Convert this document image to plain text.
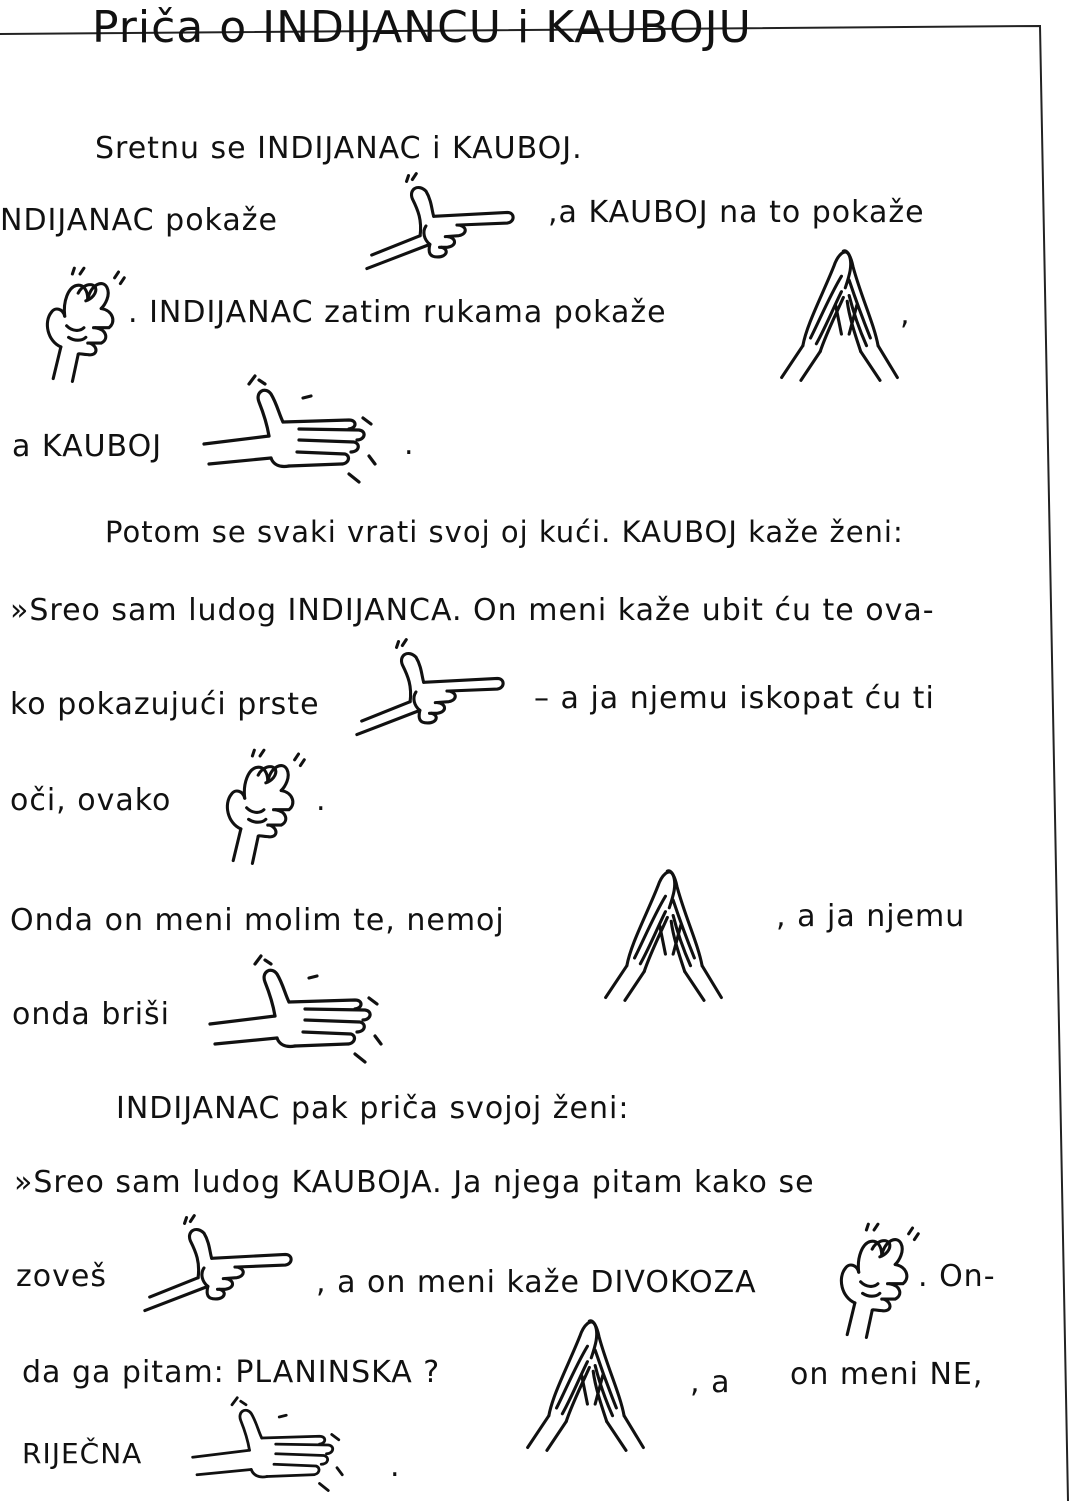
Priča o INDIJANCU i KAUBOJU
Sretnu se INDIJANAC i KAUBOJ.
NDIJANAC pokaže	,a KAUBOJ na to pokaže
. INDIJANAC zatim rukama pokaže	,
a KAUBOJ	.
Potom se svaki vrati svoj oj kući. KAUBOJ kaže ženi:
»Sreo sam ludog INDIJANCA. On meni kaže ubit ću te ova-
ko pokazujući prste	– a ja njemu iskopat ću ti
oči, ovako	.
Onda on meni molim te, nemoj	, a ja njemu
onda briši
INDIJANAC pak priča svojoj ženi:
»Sreo sam ludog KAUBOJA. Ja njega pitam kako se
zoveš	, a on meni kaže DIVOKOZA	. On-
da ga pitam: PLANINSKA ?	, a on meni NE,
RIJEČNA	.
